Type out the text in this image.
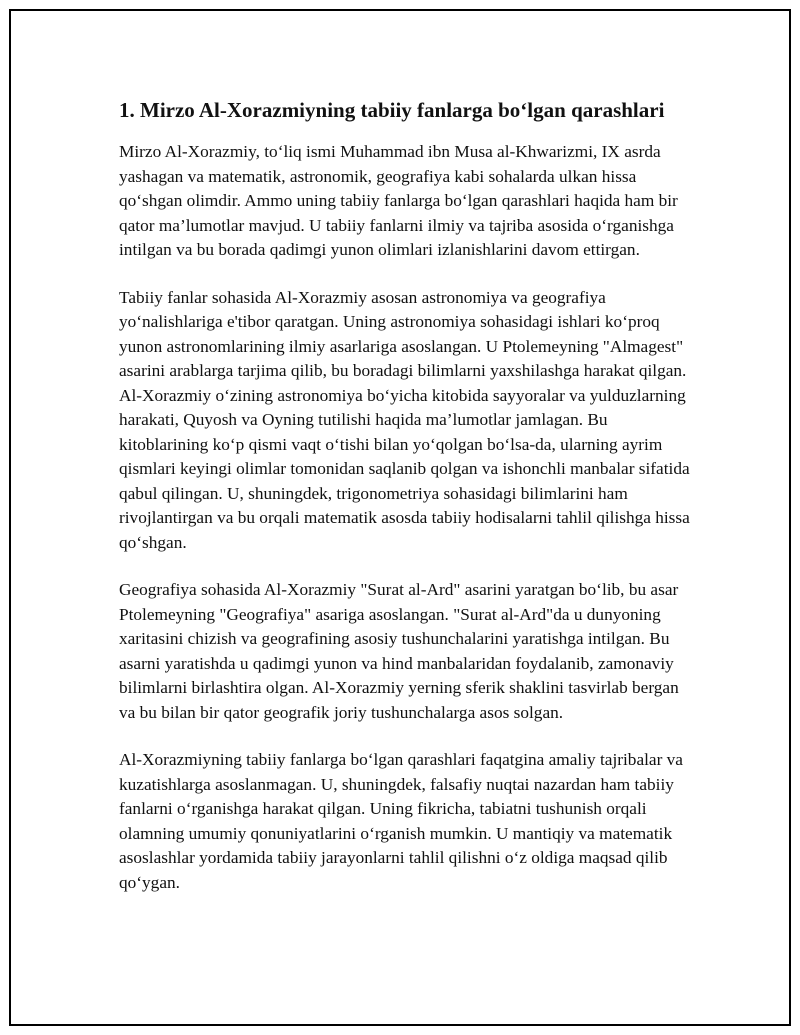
1. Mirzo Al-Xorazmiyning tabiiy fanlarga bo‘lgan qarashlari

Mirzo Al-Xorazmiy, to‘liq ismi Muhammad ibn Musa al-Khwarizmi, IX asrda yashagan va matematik, astronomik, geografiya kabi sohalarda ulkan hissa qo‘shgan olimdir. Ammo uning tabiiy fanlarga bo‘lgan qarashlari haqida ham bir qator ma’lumotlar mavjud. U tabiiy fanlarni ilmiy va tajriba asosida o‘rganishga intilgan va bu borada qadimgi yunon olimlari izlanishlarini davom ettirgan.

Tabiiy fanlar sohasida Al-Xorazmiy asosan astronomiya va geografiya yo‘nalishlariga e'tibor qaratgan. Uning astronomiya sohasidagi ishlari ko‘proq yunon astronomlarining ilmiy asarlariga asoslangan. U Ptolemeyning "Almagest" asarini arablarga tarjima qilib, bu boradagi bilimlarni yaxshilashga harakat qilgan. Al-Xorazmiy o‘zining astronomiya bo‘yicha kitobida sayyoralar va yulduzlarning harakati, Quyosh va Oyning tutilishi haqida ma’lumotlar jamlagan. Bu kitoblarining ko‘p qismi vaqt o‘tishi bilan yo‘qolgan bo‘lsa-da, ularning ayrim qismlari keyingi olimlar tomonidan saqlanib qolgan va ishonchli manbalar sifatida qabul qilingan. U, shuningdek, trigonometriya sohasidagi bilimlarini ham rivojlantirgan va bu orqali matematik asosda tabiiy hodisalarni tahlil qilishga hissa qo‘shgan.

Geografiya sohasida Al-Xorazmiy "Surat al-Ard" asarini yaratgan bo‘lib, bu asar Ptolemeyning "Geografiya" asariga asoslangan. "Surat al-Ard"da u dunyoning xaritasini chizish va geografining asosiy tushunchalarini yaratishga intilgan. Bu asarni yaratishda u qadimgi yunon va hind manbalaridan foydalanib, zamonaviy bilimlarni birlashtira olgan. Al-Xorazmiy yerning sferik shaklini tasvirlab bergan va bu bilan bir qator geografik joriy tushunchalarga asos solgan.

Al-Xorazmiyning tabiiy fanlarga bo‘lgan qarashlari faqatgina amaliy tajribalar va kuzatishlarga asoslanmagan. U, shuningdek, falsafiy nuqtai nazardan ham tabiiy fanlarni o‘rganishga harakat qilgan. Uning fikricha, tabiatni tushunish orqali olamning umumiy qonuniyatlarini o‘rganish mumkin. U mantiqiy va matematik asoslashlar yordamida tabiiy jarayonlarni tahlil qilishni o‘z oldiga maqsad qilib qo‘ygan.
